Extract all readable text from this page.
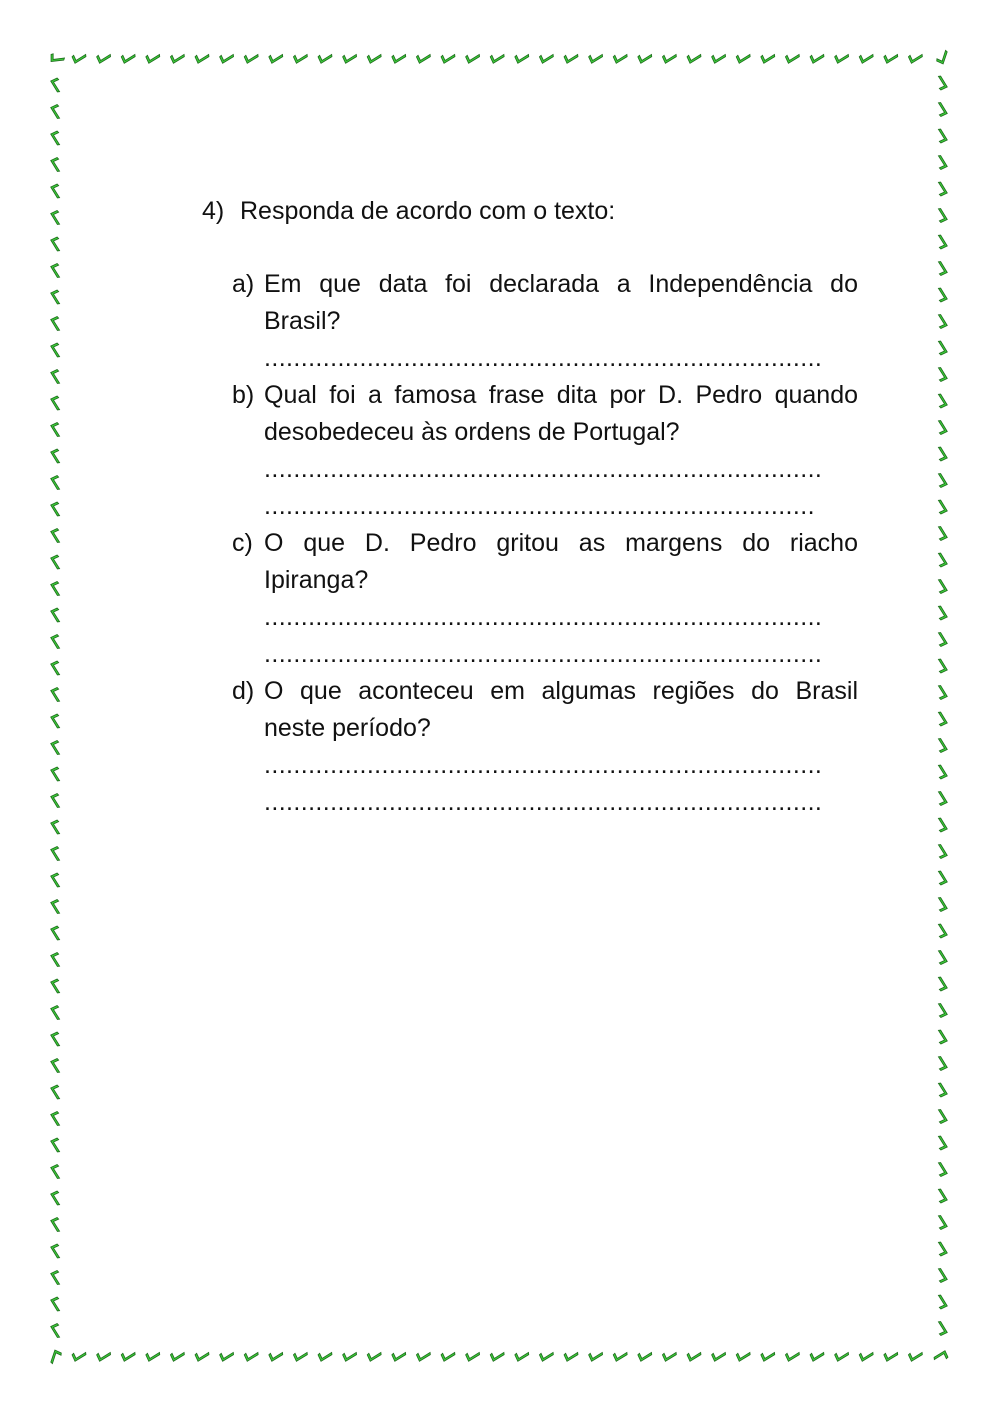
4) Responda de acordo com o texto:
a) Em que data foi declarada a Independência do Brasil?
............................................................................
b) Qual foi a famosa frase dita por D. Pedro quando desobedeceu às ordens de Portugal?
............................................................................
...........................................................................
c) O que D. Pedro gritou as margens do riacho Ipiranga?
............................................................................
............................................................................
d) O que aconteceu em algumas regiões do Brasil neste período?
............................................................................
............................................................................
